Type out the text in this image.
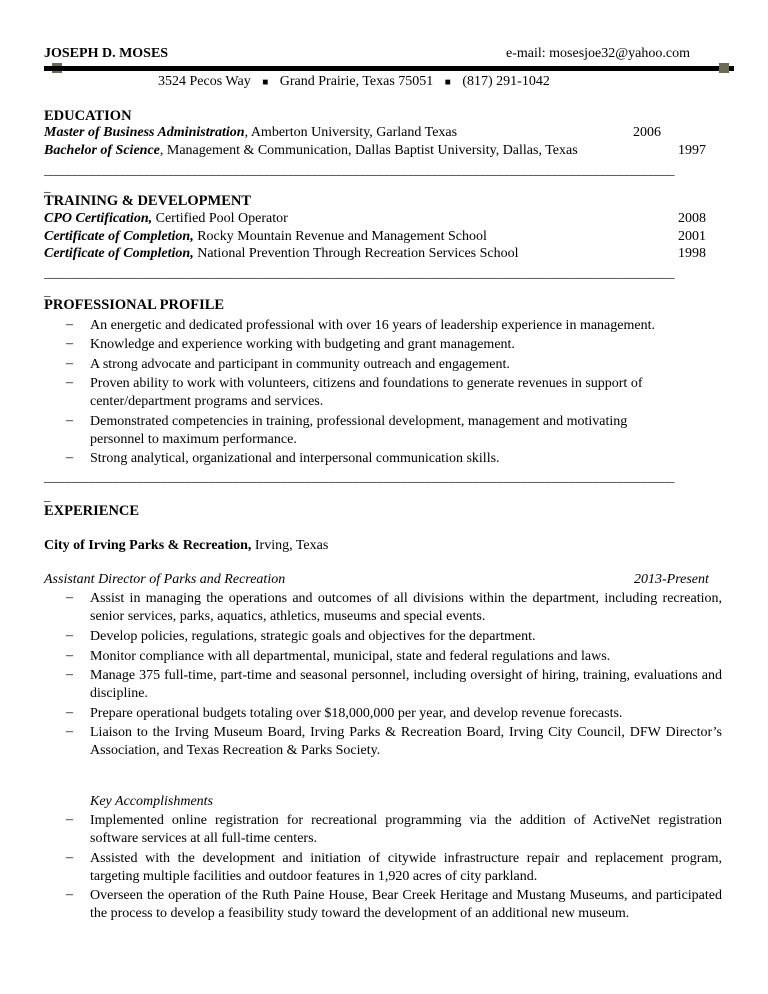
JOSEPH D. MOSES	e-mail: mosesjoe32@yahoo.com
3524 Pecos Way ■ Grand Prairie, Texas 75051 ■ (817) 291-1042
EDUCATION
Master of Business Administration, Amberton University, Garland Texas	2006
Bachelor of Science, Management & Communication, Dallas Baptist University, Dallas, Texas	1997
_________________________________________________________________________________________________________
_
TRAINING & DEVELOPMENT
CPO Certification, Certified Pool Operator	2008
Certificate of Completion, Rocky Mountain Revenue and Management School	2001
Certificate of Completion, National Prevention Through Recreation Services School	1998
_________________________________________________________________________________________________________
_
PROFESSIONAL PROFILE
– An energetic and dedicated professional with over 16 years of leadership experience in management.
– Knowledge and experience working with budgeting and grant management.
– A strong advocate and participant in community outreach and engagement.
– Proven ability to work with volunteers, citizens and foundations to generate revenues in support of center/department programs and services.
– Demonstrated competencies in training, professional development, management and motivating personnel to maximum performance.
– Strong analytical, organizational and interpersonal communication skills.
_________________________________________________________________________________________________________
_
EXPERIENCE
City of Irving Parks & Recreation, Irving, Texas
Assistant Director of Parks and Recreation	2013-Present
– Assist in managing the operations and outcomes of all divisions within the department, including recreation, senior services, parks, aquatics, athletics, museums and special events.
– Develop policies, regulations, strategic goals and objectives for the department.
– Monitor compliance with all departmental, municipal, state and federal regulations and laws.
– Manage 375 full-time, part-time and seasonal personnel, including oversight of hiring, training, evaluations and discipline.
– Prepare operational budgets totaling over $18,000,000 per year, and develop revenue forecasts.
– Liaison to the Irving Museum Board, Irving Parks & Recreation Board, Irving City Council, DFW Director’s Association, and Texas Recreation & Parks Society.
Key Accomplishments
– Implemented online registration for recreational programming via the addition of ActiveNet registration software services at all full-time centers.
– Assisted with the development and initiation of citywide infrastructure repair and replacement program, targeting multiple facilities and outdoor features in 1,920 acres of city parkland.
– Overseen the operation of the Ruth Paine House, Bear Creek Heritage and Mustang Museums, and participated the process to develop a feasibility study toward the development of an additional new museum.
